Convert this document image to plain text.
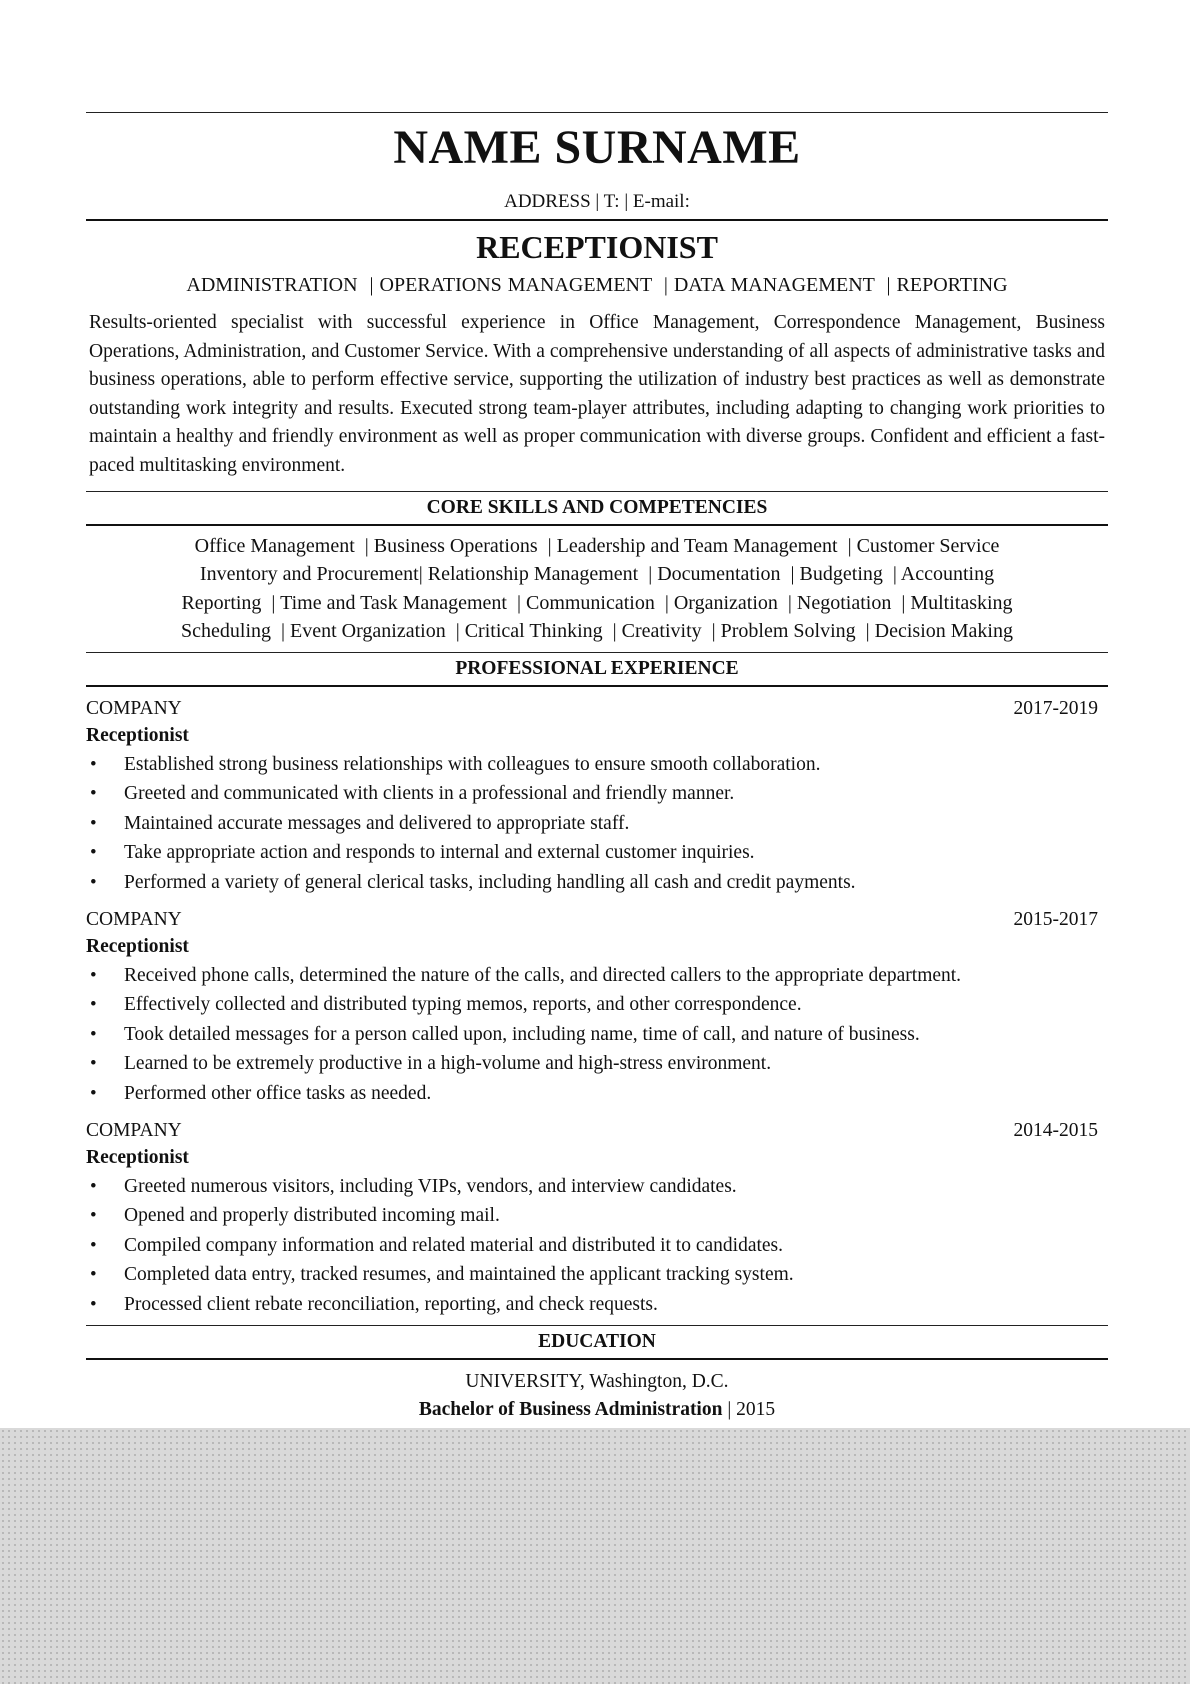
NAME SURNAME
ADDRESS | T: | E-mail:
RECEPTIONIST
ADMINISTRATION  | OPERATIONS MANAGEMENT  | DATA MANAGEMENT  | REPORTING

Results-oriented specialist with successful experience in Office Management, Correspondence Management, Business Operations, Administration, and Customer Service. With a comprehensive understanding of all aspects of administrative tasks and business operations, able to perform effective service, supporting the utilization of industry best practices as well as demonstrate outstanding work integrity and results. Executed strong team-player attributes, including adapting to changing work priorities to maintain a healthy and friendly environment as well as proper communication with diverse groups. Confident and efficient a fast-paced multitasking environment.

CORE SKILLS AND COMPETENCIES
Office Management  | Business Operations  | Leadership and Team Management  | Customer Service
Inventory and Procurement| Relationship Management  | Documentation  | Budgeting  | Accounting
Reporting  | Time and Task Management  | Communication  | Organization  | Negotiation  | Multitasking
Scheduling  | Event Organization  | Critical Thinking  | Creativity  | Problem Solving  | Decision Making
PROFESSIONAL EXPERIENCE
COMPANY	2017-2019
Receptionist
• Established strong business relationships with colleagues to ensure smooth collaboration.
• Greeted and communicated with clients in a professional and friendly manner.
• Maintained accurate messages and delivered to appropriate staff.
• Take appropriate action and responds to internal and external customer inquiries.
• Performed a variety of general clerical tasks, including handling all cash and credit payments.
COMPANY	2015-2017
Receptionist
• Received phone calls, determined the nature of the calls, and directed callers to the appropriate department.
• Effectively collected and distributed typing memos, reports, and other correspondence.
• Took detailed messages for a person called upon, including name, time of call, and nature of business.
• Learned to be extremely productive in a high-volume and high-stress environment.
• Performed other office tasks as needed.
COMPANY	2014-2015
Receptionist
• Greeted numerous visitors, including VIPs, vendors, and interview candidates.
• Opened and properly distributed incoming mail.
• Compiled company information and related material and distributed it to candidates.
• Completed data entry, tracked resumes, and maintained the applicant tracking system.
• Processed client rebate reconciliation, reporting, and check requests.
EDUCATION
UNIVERSITY, Washington, D.C.
Bachelor of Business Administration | 2015
